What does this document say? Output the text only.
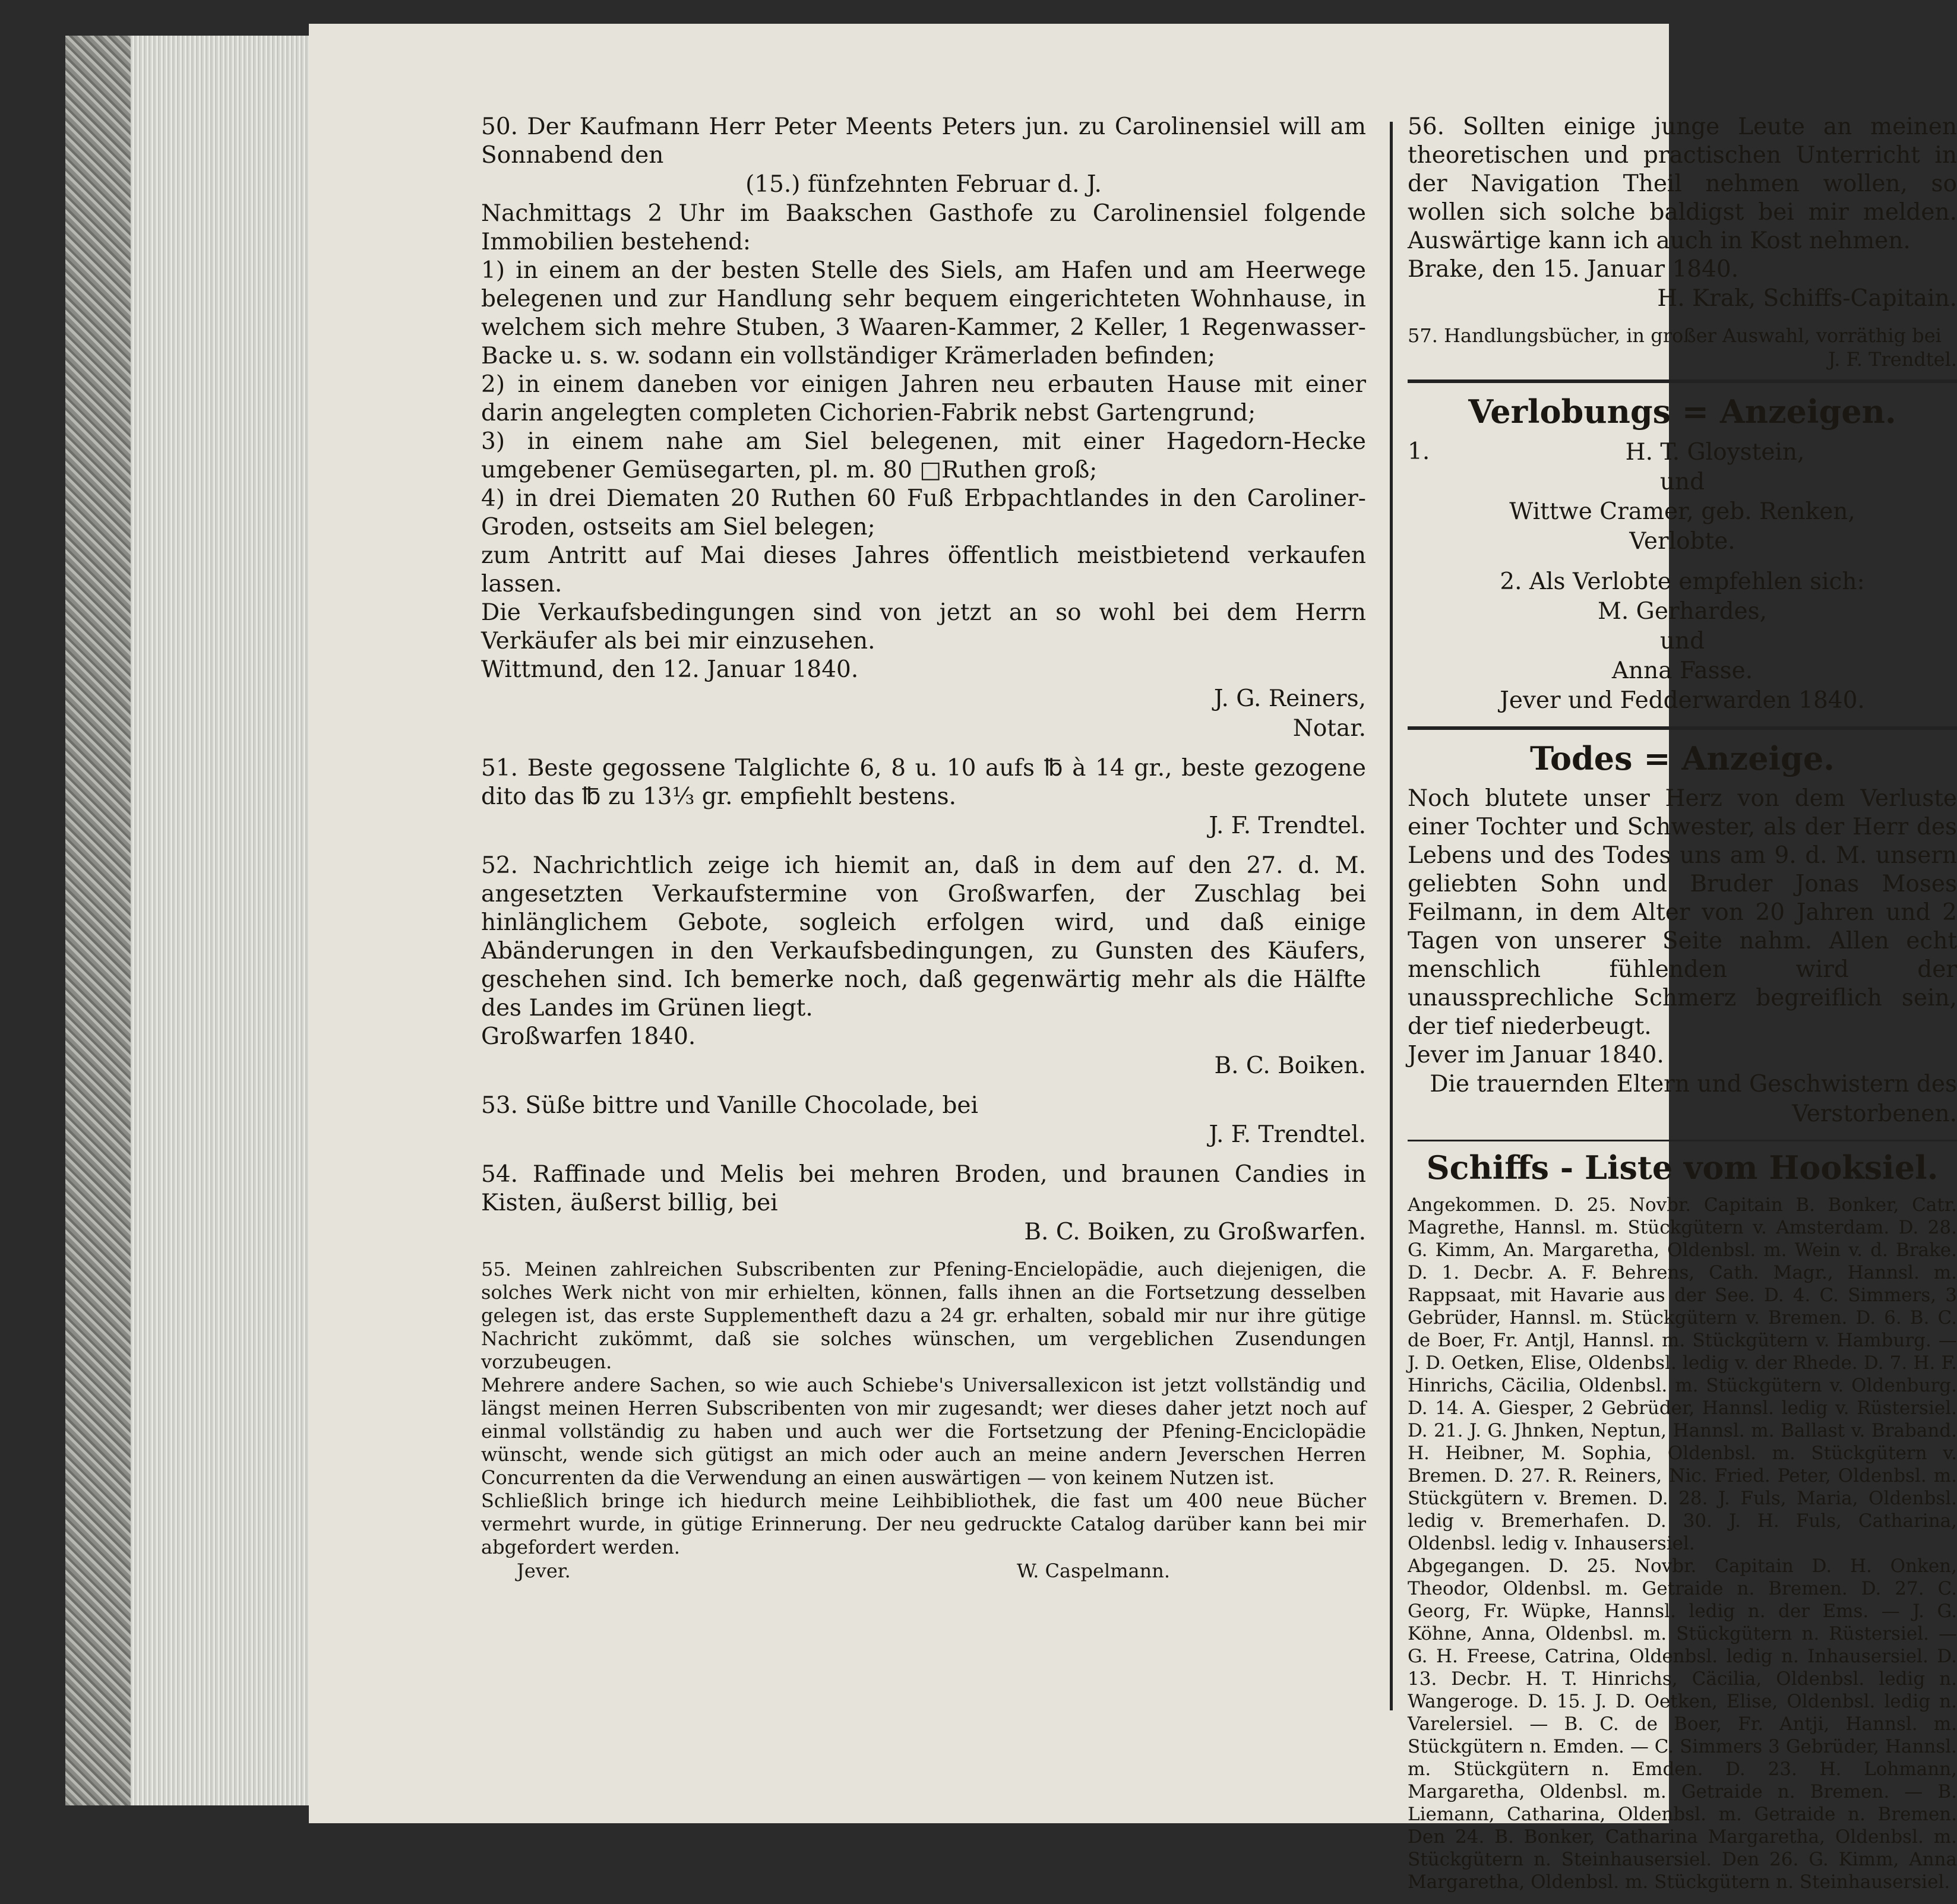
50. Der Kaufmann Herr Peter Meents Peters jun. zu Carolinensiel will am Sonnabend den

(15.) fünfzehnten Februar d. J.

Nachmittags 2 Uhr im Baakschen Gasthofe zu Carolinensiel folgende Immobilien bestehend:
1) in einem an der besten Stelle des Siels, am Hafen und am Heerwege belegenen und zur Handlung sehr bequem eingerichteten Wohnhause, in welchem sich mehre Stuben, 3 Waaren-Kammer, 2 Keller, 1 Regenwasser-Backe u. s. w. sodann ein vollständiger Krämerladen befinden;
2) in einem daneben vor einigen Jahren neu erbauten Hause mit einer darin angelegten completen Cichorien-Fabrik nebst Gartengrund;
3) in einem nahe am Siel belegenen, mit einer Hagedorn-Hecke umgebener Gemüsegarten, pl. m. 80 □Ruthen groß;
4) in drei Diematen 20 Ruthen 60 Fuß Erbpachtlandes in den Caroliner-Groden, ostseits am Siel belegen;
zum Antritt auf Mai dieses Jahres öffentlich meistbietend verkaufen lassen.
Die Verkaufsbedingungen sind von jetzt an so wohl bei dem Herrn Verkäufer als bei mir einzusehen.
Wittmund, den 12. Januar 1840.

J. G. Reiners,
Notar.

51. Beste gegossene Talglichte 6, 8 u. 10 aufs ℔ à 14 gr., beste gezogene dito das ℔ zu 13⅓ gr. empfiehlt bestens.

J. F. Trendtel.

52. Nachrichtlich zeige ich hiemit an, daß in dem auf den 27. d. M. angesetzten Verkaufstermine von Großwarfen, der Zuschlag bei hinlänglichem Gebote, sogleich erfolgen wird, und daß einige Abänderungen in den Verkaufsbedingungen, zu Gunsten des Käufers, geschehen sind. Ich bemerke noch, daß gegenwärtig mehr als die Hälfte des Landes im Grünen liegt.
Großwarfen 1840.

B. C. Boiken.

53. Süße bittre und Vanille Chocolade, bei

J. F. Trendtel.

54. Raffinade und Melis bei mehren Broden, und braunen Candies in Kisten, äußerst billig, bei

B. C. Boiken, zu Großwarfen.

55. Meinen zahlreichen Subscribenten zur Pfening-Encielopädie, auch diejenigen, die solches Werk nicht von mir erhielten, können, falls ihnen an die Fortsetzung desselben gelegen ist, das erste Supplementheft dazu a 24 gr. erhalten, sobald mir nur ihre gütige Nachricht zukömmt, daß sie solches wünschen, um vergeblichen Zusendungen vorzubeugen.
Mehrere andere Sachen, so wie auch Schiebe's Universallexicon ist jetzt vollständig und längst meinen Herren Subscribenten von mir zugesandt; wer dieses daher jetzt noch auf einmal vollständig zu haben und auch wer die Fortsetzung der Pfening-Enciclopädie wünscht, wende sich gütigst an mich oder auch an meine andern Jeverschen Herren Concurrenten da die Verwendung an einen auswärtigen — von keinem Nutzen ist.
Schließlich bringe ich hiedurch meine Leihbibliothek, die fast um 400 neue Bücher vermehrt wurde, in gütige Erinnerung. Der neu gedruckte Catalog darüber kann bei mir abgefordert werden.

Jever.	W. Caspelmann.

56. Sollten einige junge Leute an meinen theoretischen und practischen Unterricht in der Navigation Theil nehmen wollen, so wollen sich solche baldigst bei mir melden. Auswärtige kann ich auch in Kost nehmen.
Brake, den 15. Januar 1840.

H. Krak, Schiffs-Capitain.

57. Handlungsbücher, in großer Auswahl, vorräthig bei

J. F. Trendtel.

Verlobungs = Anzeigen.

1.	H. T. Gloystein,

und

Wittwe Cramer, geb. Renken,

Verlobte.

2. Als Verlobte empfehlen sich:

M. Gerhardes,

und

Anna Fasse.

Jever und Fedderwarden 1840.

Todes = Anzeige.

Noch blutete unser Herz von dem Verluste einer Tochter und Schwester, als der Herr des Lebens und des Todes uns am 9. d. M. unsern geliebten Sohn und Bruder Jonas Moses Feilmann, in dem Alter von 20 Jahren und 2 Tagen von unserer Seite nahm. Allen echt menschlich fühlenden wird der unaussprechliche Schmerz begreiflich sein, der tief niederbeugt.
Jever im Januar 1840.

Die trauernden Eltern und Geschwistern des Verstorbenen.

Schiffs - Liste vom Hooksiel.

Angekommen. D. 25. Novbr. Capitain B. Bonker, Catr. Magrethe, Hannsl. m. Stückgütern v. Amsterdam. D. 28. G. Kimm, An. Margaretha, Oldenbsl. m. Wein v. d. Brake. D. 1. Decbr. A. F. Behrens, Cath. Magr., Hannsl. m. Rappsaat, mit Havarie aus der See. D. 4. C. Simmers, 3 Gebrüder, Hannsl. m. Stückgütern v. Bremen. D. 6. B. C. de Boer, Fr. Antjl, Hannsl. m. Stückgütern v. Hamburg. — J. D. Oetken, Elise, Oldenbsl. ledig v. der Rhede. D. 7. H. F. Hinrichs, Cäcilia, Oldenbsl. m. Stückgütern v. Oldenburg. D. 14. A. Giesper, 2 Gebrüder, Hannsl. ledig v. Rüstersiel. D. 21. J. G. Jhnken, Neptun, Hannsl. m. Ballast v. Braband. H. Heibner, M. Sophia, Oldenbsl. m. Stückgütern v. Bremen. D. 27. R. Reiners, Nic. Fried. Peter, Oldenbsl. m. Stückgütern v. Bremen. D. 28. J. Fuls, Maria, Oldenbsl. ledig v. Bremerhafen. D. 30. J. H. Fuls, Catharina, Oldenbsl. ledig v. Inhausersiel.
Abgegangen. D. 25. Novbr. Capitain D. H. Onken, Theodor, Oldenbsl. m. Getraide n. Bremen. D. 27. C. Georg, Fr. Wüpke, Hannsl. ledig n. der Ems. — J. G. Köhne, Anna, Oldenbsl. m. Stückgütern n. Rüstersiel. — G. H. Freese, Catrina, Oldenbsl. ledig n. Inhausersiel. D. 13. Decbr. H. T. Hinrichs, Cäcilia, Oldenbsl. ledig n. Wangeroge. D. 15. J. D. Oetken, Elise, Oldenbsl. ledig n. Varelersiel. — B. C. de Boer, Fr. Antji, Hannsl. m. Stückgütern n. Emden. — C. Simmers 3 Gebrüder, Hannsl. m. Stückgütern n. Emden. D. 23. H. Lohmann, Margaretha, Oldenbsl. m. Getraide n. Bremen. — B. Liemann, Catharina, Oldenbsl. m. Getraide n. Bremen. Den 24. B. Bonker, Catharina Margaretha, Oldenbsl. m. Stückgütern n. Steinhausersiel. Den 26. G. Kimm, Anna Margaretha, Oldenbsl. m. Stückgütern n. Steinhausersiel.
